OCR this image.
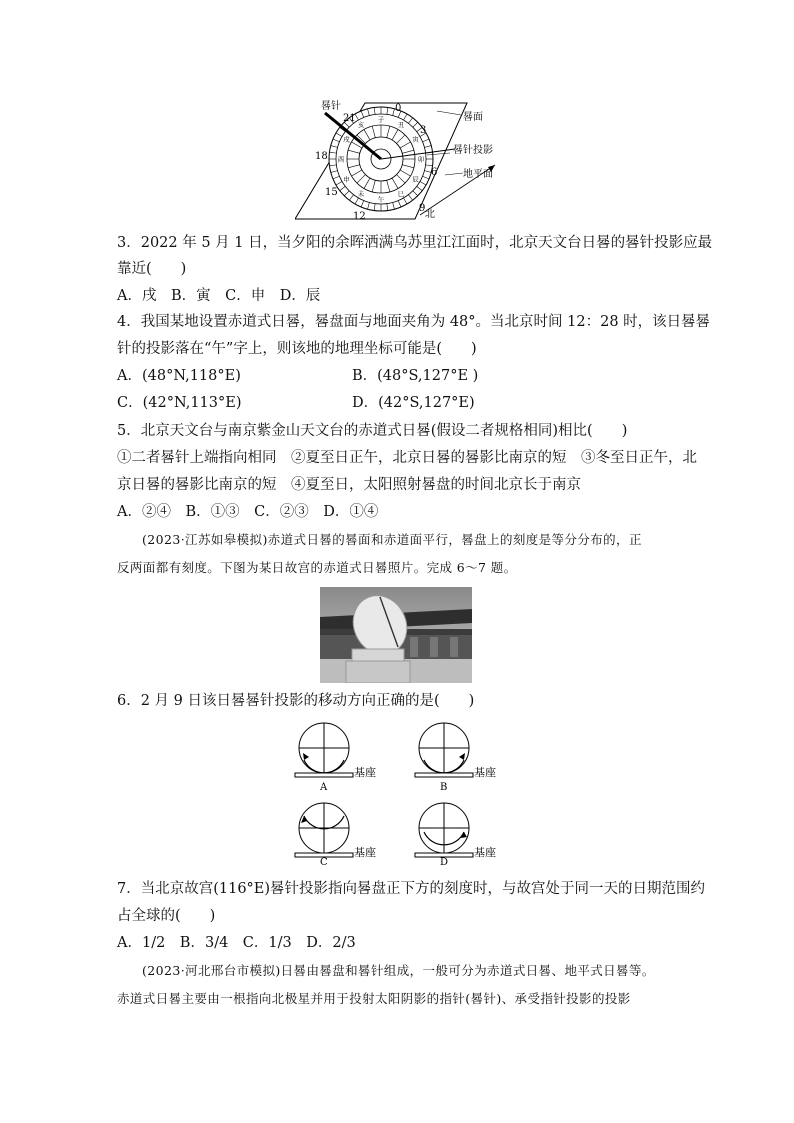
子
丑
寅
卯
辰
巳
午
未
申
酉
戌
亥
晷针
晷面
晷针投影
地平面
北
0
3
6
9
12
15
18
21
3．2022 年 5 月 1 日，当夕阳的余晖洒满乌苏里江江面时，北京天文台日晷的晷针投影应最
靠近(　　)
A．戌　B．寅　C．申　D．辰
4．我国某地设置赤道式日晷，晷盘面与地面夹角为 48°。当北京时间 12：28 时，该日晷晷
针的投影落在“午”字上，则该地的地理坐标可能是(　　)
A．(48°N,118°E)	B．(48°S,127°E )
C．(42°N,113°E)	D．(42°S,127°E)
5．北京天文台与南京紫金山天文台的赤道式日晷(假设二者规格相同)相比(　　)
①二者晷针上端指向相同　②夏至日正午，北京日晷的晷影比南京的短　③冬至日正午，北
京日晷的晷影比南京的短　④夏至日，太阳照射晷盘的时间北京长于南京
A．②④　B．①③　C．②③　D．①④
(2023·江苏如皋模拟)赤道式日晷的晷面和赤道面平行，晷盘上的刻度是等分分布的，正
反两面都有刻度。下图为某日故宫的赤道式日晷照片。完成 6～7 题。
6．2 月 9 日该日晷晷针投影的移动方向正确的是(　　)
基座
A
基座
B
基座
C
基座
D
7．当北京故宫(116°E)晷针投影指向晷盘正下方的刻度时，与故宫处于同一天的日期范围约
占全球的(　　)
A．1/2　B．3/4　C．1/3　D．2/3
(2023·河北邢台市模拟)日晷由晷盘和晷针组成，一般可分为赤道式日晷、地平式日晷等。
赤道式日晷主要由一根指向北极星并用于投射太阳阴影的指针(晷针)、承受指针投影的投影
